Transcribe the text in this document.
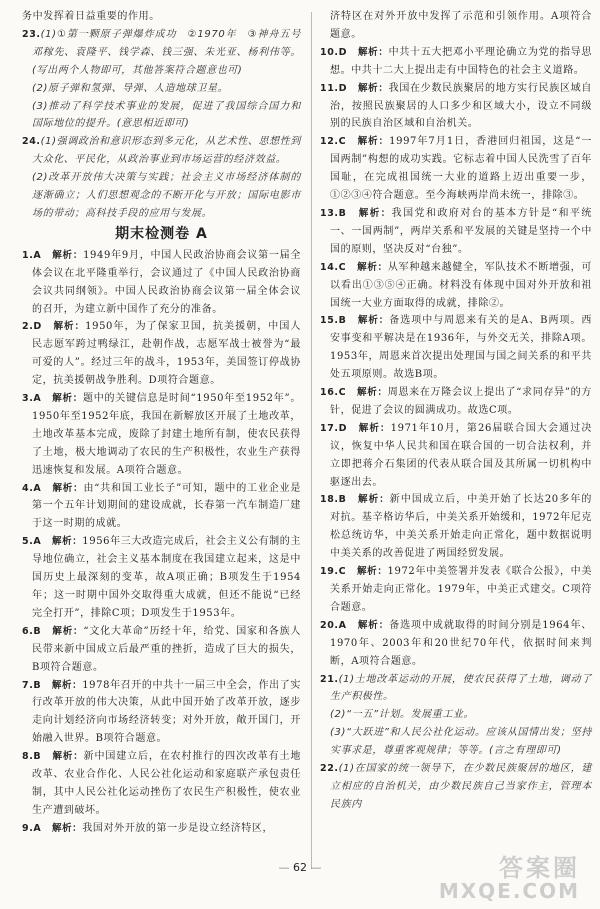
务中发挥着日益重要的作用。

23.(1)①第一颗原子弹爆炸成功　②1970年　③神舟五号　邓稼先、袁隆平、钱学森、钱三强、朱光亚、杨利伟等。(写出两个人物即可，其他答案符合题意也可)

(2)原子弹和氢弹、导弹、人造地球卫星。

(3)推动了科学技术事业的发展，促进了我国综合国力和国际地位的提升。(意思相近即可)

24.(1)强调政治和意识形态到多元化，从艺术性、思想性到大众化、平民化，从政治事业到市场运营的经济效益。

(2)改革开放伟大决策与实践；社会主义市场经济体制的逐渐确立；人们思想观念的不断开化与开放；国际电影市场的带动；高科技手段的应用与发展。

期末检测卷 A

1.A　 解析：1949年9月，中国人民政治协商会议第一届全体会议在北平隆重举行，会议通过了《中国人民政治协商会议共同纲领》。中国人民政治协商会议第一届全体会议的召开，为建立新中国作了充分的准备。

2.D　 解析：1950年，为了保家卫国，抗美援朝，中国人民志愿军跨过鸭绿江，赴朝作战，志愿军战士被誉为“最可爱的人”。经过三年的战斗，1953年，美国签订停战协定，抗美援朝战争胜利。D项符合题意。

3.A　 解析：题中的关键信息是时间“1950年至1952年”。1950年至1952年底，我国在新解放区开展了土地改革，土地改革基本完成，废除了封建土地所有制，使农民获得了土地，极大地调动了农民的生产积极性，农业生产获得迅速恢复和发展。A项符合题意。

4.A　 解析：由“共和国工业长子”可知，题中的工业企业是第一个五年计划期间的建设成就，长春第一汽车制造厂建于这一时期的成就。

5.A　 解析：1956年三大改造完成后，社会主义公有制的主导地位确立，社会主义基本制度在我国建立起来，这是中国历史上最深刻的变革，故A项正确；B项发生于1954年；这一时期中国外交取得重大成就，但还不能说“已经完全打开”，排除C项；D项发生于1953年。

6.B　 解析：“文化大革命”历经十年，给党、国家和各族人民带来新中国成立后最严重的挫折，造成了巨大的损失，B项符合题意。

7.B　 解析：1978年召开的中共十一届三中全会，作出了实行改革开放的伟大决策，从此中国开始了改革开放，逐步走向计划经济向市场经济转变；对外开放，敞开国门，开始融入世界。B项符合题意。

8.B　 解析：新中国建立后，在农村推行的四次改革有土地改革、农业合作化、人民公社化运动和家庭联产承包责任制，其中人民公社化运动挫伤了农民生产积极性，使农业生产遭到破坏。

9.A　 解析：我国对外开放的第一步是设立经济特区，

济特区在对外开放中发挥了示范和引领作用。A项符合题意。

10.D　 解析：中共十五大把邓小平理论确立为党的指导思想。中共十二大上提出走有中国特色的社会主义道路。

11.D　 解析：我国在少数民族聚居的地方实行民族区域自治，按照民族聚居的人口多少和区域大小，设立不同级别的民族自治区域和自治机关。

12.C　 解析：1997年7月1日，香港回归祖国，这是“一国两制”构想的成功实践。它标志着中国人民洗雪了百年国耻，在完成祖国统一大业的道路上迈出重要一步，①②③④符合题意。至今海峡两岸尚未统一，排除③。

13.B　 解析：我国党和政府对台的基本方针是“和平统一、一国两制”，两岸关系和平发展的关键是坚持一个中国的原则，坚决反对“台独”。

14.C　 解析：从军种越来越健全，军队技术不断增强，可以看出①③⑤④正确。材料没有体现中国对外开放和祖国统一大业方面取得的成就，排除②。

15.B　 解析：备选项中与周恩来有关的是A、B两项。西安事变和平解决是在1936年，与外交无关，排除A项。1953年，周恩来首次提出处理国与国之间关系的和平共处五项原则。故选B项。

16.C　 解析：周恩来在万隆会议上提出了“求同存异”的方针，促进了会议的圆满成功。故选C项。

17.D　 解析：1971年10月，第26届联合国大会通过决议，恢复中华人民共和国在联合国的一切合法权利，并立即把蒋介石集团的代表从联合国及其所属一切机构中驱逐出去。

18.B　 解析：新中国成立后，中美开始了长达20多年的对抗。基辛格访华后，中美关系开始缓和，1972年尼克松总统访华，中美关系开始走向正常化，题中数据说明中美关系的改善促进了两国经贸发展。

19.C　 解析：1972年中美签署并发表《联合公报》，中美关系开始走向正常化。1979年，中美正式建交。C项符合题意。

20.A　 解析：备选项中成就取得的时间分别是1964年、1970年、2003年和20世纪70年代，依据时间来判断，A项符合题意。

21.(1)土地改革运动的开展，使农民获得了土地，调动了生产积极性。

(2)“一五”计划。发展重工业。

(3)“大跃进”和人民公社化运动。应该从国情出发；坚持实事求是，尊重客观规律；等等。(言之有理即可)

22.(1)在国家的统一领导下，在少数民族聚居的地区，建立相应的自治机关，由少数民族自己当家作主，管理本民族内

— 62 —	答案圈
MXQE.COM
